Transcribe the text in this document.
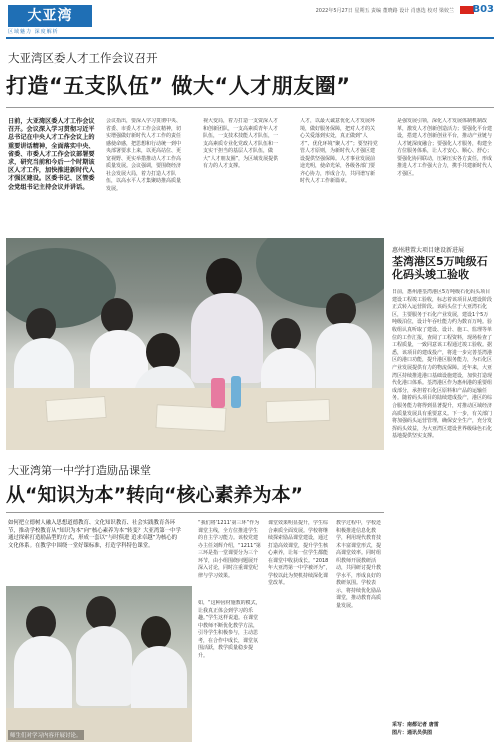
大亚湾
区域魅力 深度解析
2022年5月27日 星期五 责编 董晓路 设计 肖惠选 校对 梁姣兰 B03
大亚湾区委人才工作会议召开
打造“五支队伍” 做大“人才朋友圈”
日前，大亚湾区委人才工作会议召开。会议深入学习贯彻习近平总书记在中央人才工作会议上的重要讲话精神，全面落实中央、省委、市委人才工作会议部署要求，研究当前和今后一个时期该区人才工作，加快推进新时代人才强区建设。区委书记、区管委会党组书记主持会议并讲话。
会议指出，要深入学习贯彻中央、省委、市委人才工作会议精神，切实增强做好新时代人才工作的责任感使命感，把思想和行动统一到中央部署要求上来，以更高站位、更宽视野、更实举措推动人才工作高质量发展。会议强调，要围绕经济社会发展大局，着力打造人才队伍，以高水平人才集聚助推高质量发展。
视大变局，着力打造一支资深人才和创新团队，一支高素质青年人才队伍，一支技术技能人才队伍，一支高素质专业化党政人才队伍和一支实干担当的基层人才队伍，做大“人才朋友圈”，为区域发展提供有力的人才支撑。
人才，以最大诚意优化人才发展环境，做好服务保障，把对人才的关心关爱落到实处，真正做到“人才”、优化环境“聚人才”；要坚持党管人才原则，为新时代人才强区建设提供坚强保障。人才事业发展前途光明，使命光荣，各级各部门要齐心协力，形成合力，共同谱写新时代人才工作新篇章。
是强发展引领，深化人才发展体制机制改革，激发人才创新创造活力；要强化平台建设，搭建人才创新创业平台，推动产业链与人才链深度融合；要强化人才服务，构建全方位服务体系，让人才安心、顺心、舒心；要强化协同联动，压紧压实各方责任，形成推进人才工作强大合力，携手共建新时代人才强区。
惠州港置大项目建设新进展
荃湾港区5万吨级石化码头竣工验收
日前，惠州港荃湾港区5万吨级石化码头项目建设工程竣工验收，标志着该项目从建设阶段正式转入运营阶段。该码头位于大亚湾石化区，主要服务于石化产业发展，建设1个5万吨级泊位，设计年吞吐能力约为数百万吨。验收组认真听取了建设、设计、施工、监理等单位的工作汇报，查阅了工程资料，现场检查了工程质量，一致同意该工程通过竣工验收。据悉，该项目的建成投产，将进一步完善荃湾港区的港口功能，提升港区服务能力，为石化区产业发展提供有力的物流保障。近年来，大亚湾区持续推进港口基础设施建设，加快打造现代化港口体系。荃湾港区作为惠州港的重要组成部分，承担着石化区原料和产品的运输任务。随着码头项目的陆续建成投产，港区的综合服务能力将得到显著提升，对推动区域经济高质量发展具有重要意义。下一步，有关部门将加强码头运营管理，确保安全生产，充分发挥码头效益，为大亚湾区建设世界级绿色石化基地提供坚实支撑。
采写：南都记者 唐雷
图片：通讯员供图
大亚湾第一中学打造励品课堂
从“知识为本”转向“核心素养为本”
如何把立德树人融入思想道德教育、文化知识教育、社会实践教育各环节，推动学校教育从“知识为本”向“核心素养为本”转变？大亚湾第一中学通过探索打造励品型的方式，形成一套以“与时俱进 追求卓越”为核心的文化体系。在教学中围绕一堂好课标准，打造学科特色课堂。
师生们对学习内容开展讨论。
“我们将‘1211’第三环”作为课堂主线，全方位推进学生的自主学习能力。该校党建办主任刘辉介绍，“1211”第三环是指一堂课要分为三个环节，由小组围绕问题展开深入讨论，同时注重课堂纪律与学习效果。
如，“这种因材施教的模式，让我真正体会到学习的乐趣。”学生这样说道。在课堂中教师不断优化教学方法，引导学生积极参与，主动思考，在合作中成长，课堂氛围活跃，教学质量稳步提升。
课堂效果明显提升，学生综合素质全面发展。学校将继续探索励品课堂建设，通过打造高效课堂，提升学生核心素养，让每一位学生都能在课堂中收获成长。“2018年大亚湾第一中学被评为”，学校以此为契机持续深化课堂改革。
教学过程中，学校还积极推进信息化教学，利用现代教育技术丰富课堂形式，提高课堂效率。同时组织教师开展教研活动，共同研讨提升教学水平，形成良好的教研氛围。学校表示，将持续优化励品课堂，推动教育高质量发展。
